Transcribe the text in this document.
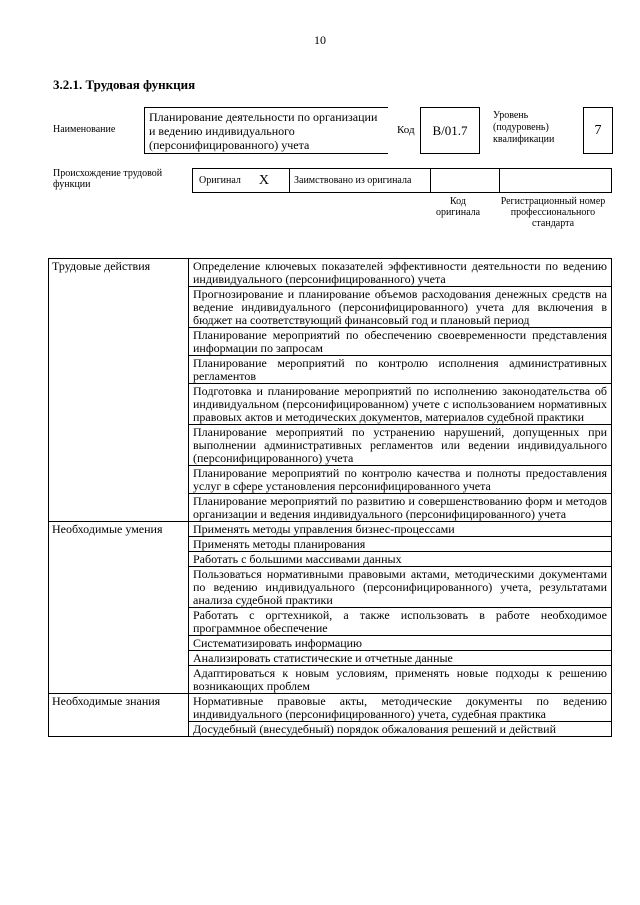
10
3.2.1. Трудовая функция
Наименование
Планирование деятельности по организации и ведению индивидуального (персонифицированного) учета
Код	B/01.7
Уровень (подуровень) квалификации
7
Происхождение трудовой функции	Оригинал X	Заимствовано из оригинала
Код оригинала
Регистрационный номер профессионального стандарта
Трудовые действия	Определение ключевых показателей эффективности деятельности по ведению индивидуального (персонифицированного) учета
	Прогнозирование и планирование объемов расходования денежных средств на ведение индивидуального (персонифицированного) учета для включения в бюджет на соответствующий финансовый год и плановый период
	Планирование мероприятий по обеспечению своевременности представления информации по запросам
	Планирование мероприятий по контролю исполнения административных регламентов
	Подготовка и планирование мероприятий по исполнению законодательства об индивидуальном (персонифицированном) учете с использованием нормативных правовых актов и методических документов, материалов судебной практики
	Планирование мероприятий по устранению нарушений, допущенных при выполнении административных регламентов или ведении индивидуального (персонифицированного) учета
	Планирование мероприятий по контролю качества и полноты предоставления услуг в сфере установления персонифицированного учета
	Планирование мероприятий по развитию и совершенствованию форм и методов организации и ведения индивидуального (персонифицированного) учета
Необходимые умения	Применять методы управления бизнес-процессами
	Применять методы планирования
	Работать с большими массивами данных
	Пользоваться нормативными правовыми актами, методическими документами по ведению индивидуального (персонифицированного) учета, результатами анализа судебной практики
	Работать с оргтехникой, а также использовать в работе необходимое программное обеспечение
	Систематизировать информацию
	Анализировать статистические и отчетные данные
	Адаптироваться к новым условиям, применять новые подходы к решению возникающих проблем
Необходимые знания	Нормативные правовые акты, методические документы по ведению индивидуального (персонифицированного) учета, судебная практика
	Досудебный (внесудебный) порядок обжалования решений и действий
